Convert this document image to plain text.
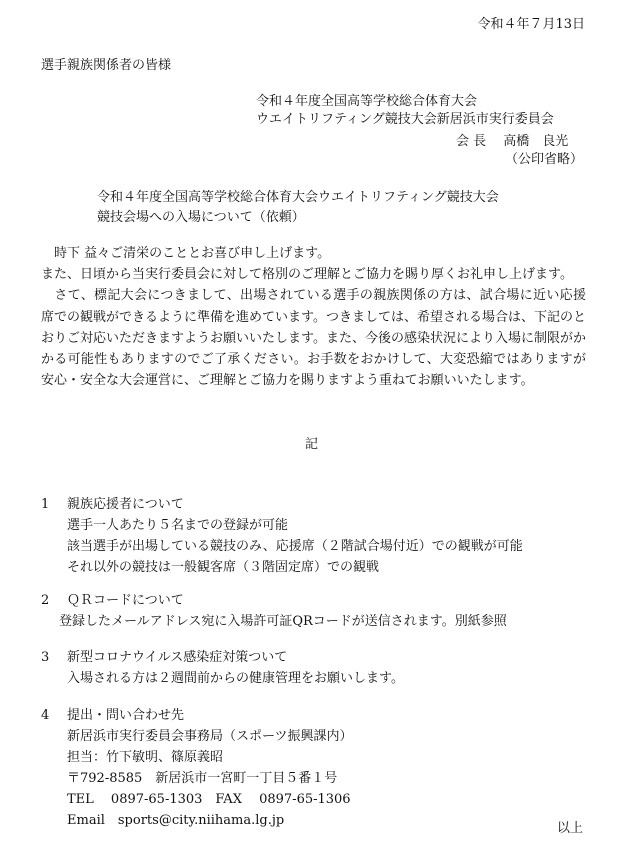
令和４年７月13日
選手親族関係者の皆様
令和４年度全国高等学校総合体育大会
ウエイトリフティング競技大会新居浜市実行委員会
会 長　 高橋　良光
（公印省略）
令和４年度全国高等学校総合体育大会ウエイトリフティング競技大会
競技会場への入場について（依頼）

　時下 益々ご清栄のこととお喜び申し上げます。

また、日頃から当実行委員会に対して格別のご理解とご協力を賜り厚くお礼申し上げます。

　さて、標記大会につきまして、出場されている選手の親族関係の方は、試合場に近い応援席での観戦ができるように準備を進めています。つきましては、希望される場合は、下記のとおりご対応いただきますようお願いいたします。また、今後の感染状況により入場に制限がかかる可能性もありますのでご了承ください。お手数をおかけして、大変恐縮ではありますが安心・安全な大会運営に、ご理解とご協力を賜りますよう重ねてお願いいたします。

記
1 親族応援者について
選手一人あたり５名までの登録が可能
該当選手が出場している競技のみ、応援席（２階試合場付近）での観戦が可能
それ以外の競技は一般観客席（３階固定席）での観戦
2 ＱＲコードについて
登録したメールアドレス宛に入場許可証QRコードが送信されます。別紙参照
3 新型コロナウイルス感染症対策ついて
入場される方は２週間前からの健康管理をお願いします。
4 提出・問い合わせ先
新居浜市実行委員会事務局（スポーツ振興課内）
担当：竹下敏明、篠原義昭
〒792-8585　新居浜市一宮町一丁目５番１号
TEL　 0897-65-1303　FAX　 0897-65-1306
Email　sports@city.niihama.lg.jp
以上
